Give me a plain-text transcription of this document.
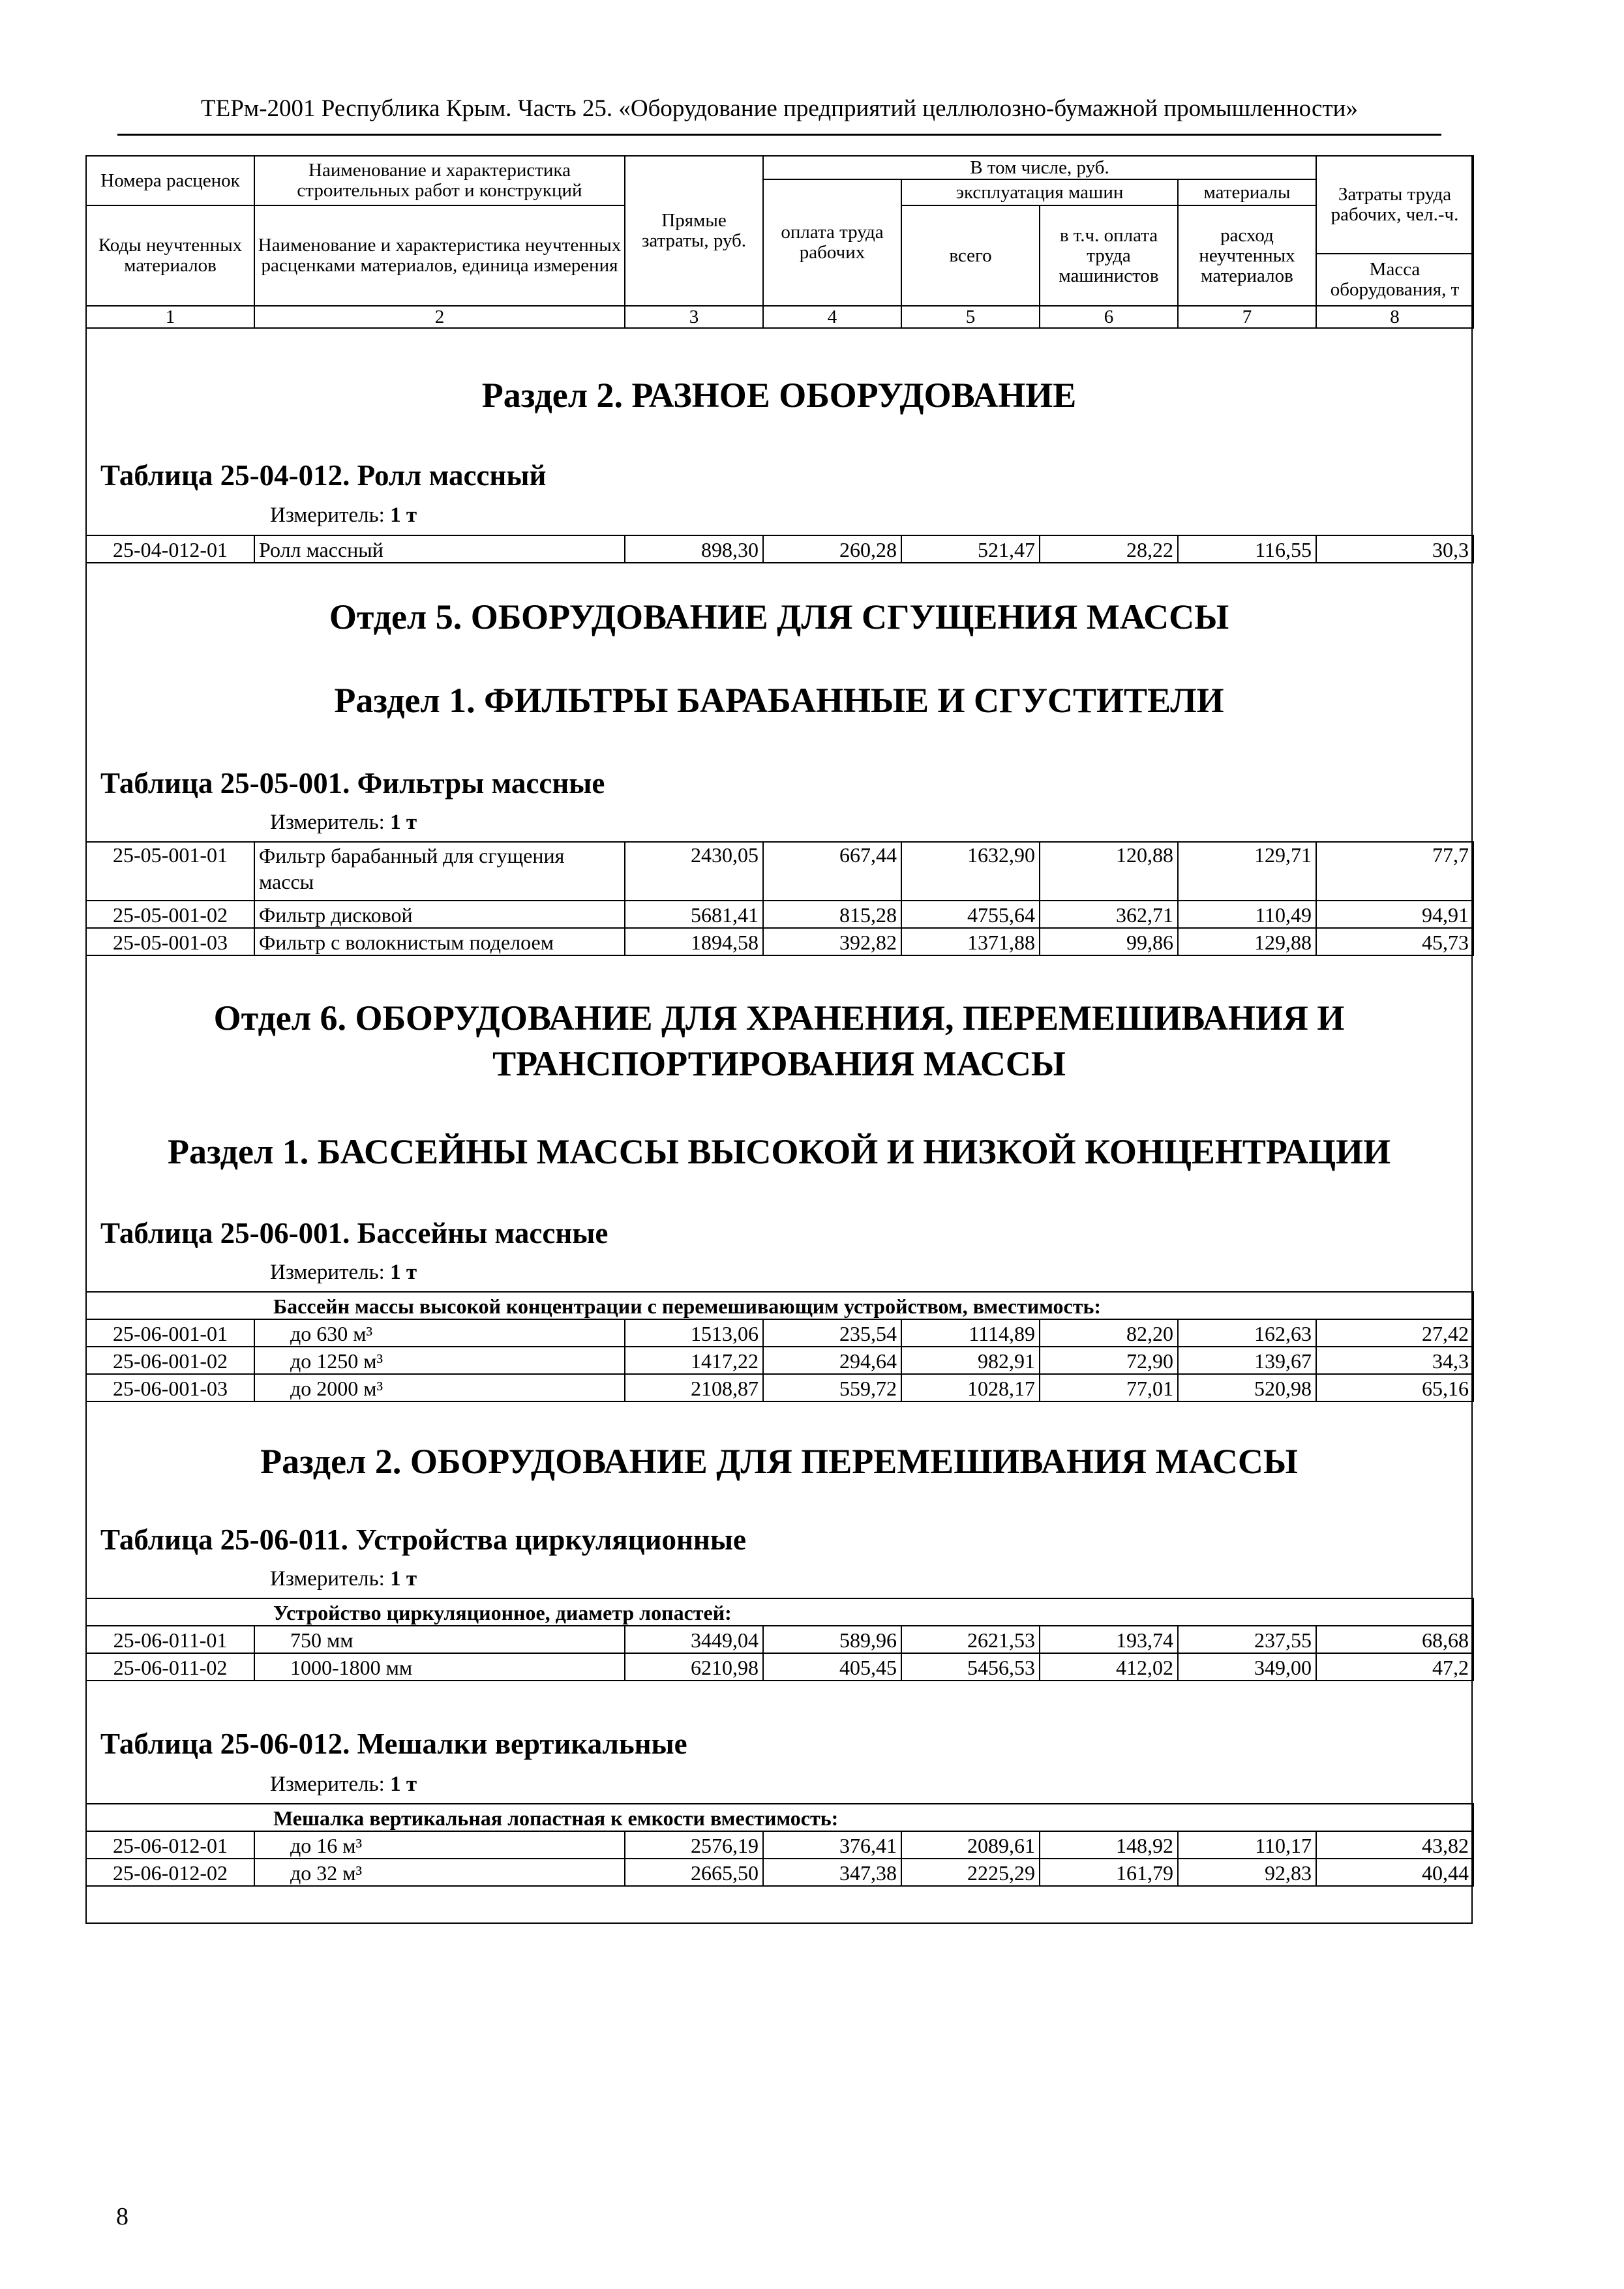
ТЕРм-2001 Республика Крым. Часть 25. «Оборудование предприятий целлюлозно-бумажной промышленности»
Номера расценок	Наименование и характеристика строительных работ и конструкций	Прямые затраты, руб.	В том числе, руб.				Затраты труда рабочих, чел.-ч.
			оплата труда рабочих	эксплуатация машин		материалы	
Коды неучтенных материалов	Наименование и характеристика неучтенных расценками материалов, единица измерения			всего	в т.ч. оплата труда машинистов	расход неучтенных материалов	
							Масса оборудования, т
1	2	3	4	5	6	7	8
Раздел 2. РАЗНОЕ ОБОРУДОВАНИЕ
Таблица 25-04-012. Ролл массный
Измеритель: 1 т
25-04-012-01	Ролл массный	898,30	260,28	521,47	28,22	116,55	30,3
Отдел 5. ОБОРУДОВАНИЕ ДЛЯ СГУЩЕНИЯ МАССЫ
Раздел 1. ФИЛЬТРЫ БАРАБАННЫЕ И СГУСТИТЕЛИ
Таблица 25-05-001. Фильтры массные
Измеритель: 1 т
25-05-001-01	Фильтр барабанный для сгущения массы	2430,05	667,44	1632,90	120,88	129,71	77,7
25-05-001-02	Фильтр дисковой	5681,41	815,28	4755,64	362,71	110,49	94,91
25-05-001-03	Фильтр с волокнистым поделоем	1894,58	392,82	1371,88	99,86	129,88	45,73
Отдел 6. ОБОРУДОВАНИЕ ДЛЯ ХРАНЕНИЯ, ПЕРЕМЕШИВАНИЯ И
ТРАНСПОРТИРОВАНИЯ МАССЫ
Раздел 1. БАССЕЙНЫ МАССЫ ВЫСОКОЙ И НИЗКОЙ КОНЦЕНТРАЦИИ
Таблица 25-06-001. Бассейны массные
Измеритель: 1 т
Бассейн массы высокой концентрации с перемешивающим устройством, вместимость:							
25-06-001-01	до 630 м³	1513,06	235,54	1114,89	82,20	162,63	27,42
25-06-001-02	до 1250 м³	1417,22	294,64	982,91	72,90	139,67	34,3
25-06-001-03	до 2000 м³	2108,87	559,72	1028,17	77,01	520,98	65,16
Раздел 2. ОБОРУДОВАНИЕ ДЛЯ ПЕРЕМЕШИВАНИЯ МАССЫ
Таблица 25-06-011. Устройства циркуляционные
Измеритель: 1 т
Устройство циркуляционное, диаметр лопастей:							
25-06-011-01	750 мм	3449,04	589,96	2621,53	193,74	237,55	68,68
25-06-011-02	1000-1800 мм	6210,98	405,45	5456,53	412,02	349,00	47,2
Таблица 25-06-012. Мешалки вертикальные
Измеритель: 1 т
Мешалка вертикальная лопастная к емкости вместимость:							
25-06-012-01	до 16 м³	2576,19	376,41	2089,61	148,92	110,17	43,82
25-06-012-02	до 32 м³	2665,50	347,38	2225,29	161,79	92,83	40,44
8
